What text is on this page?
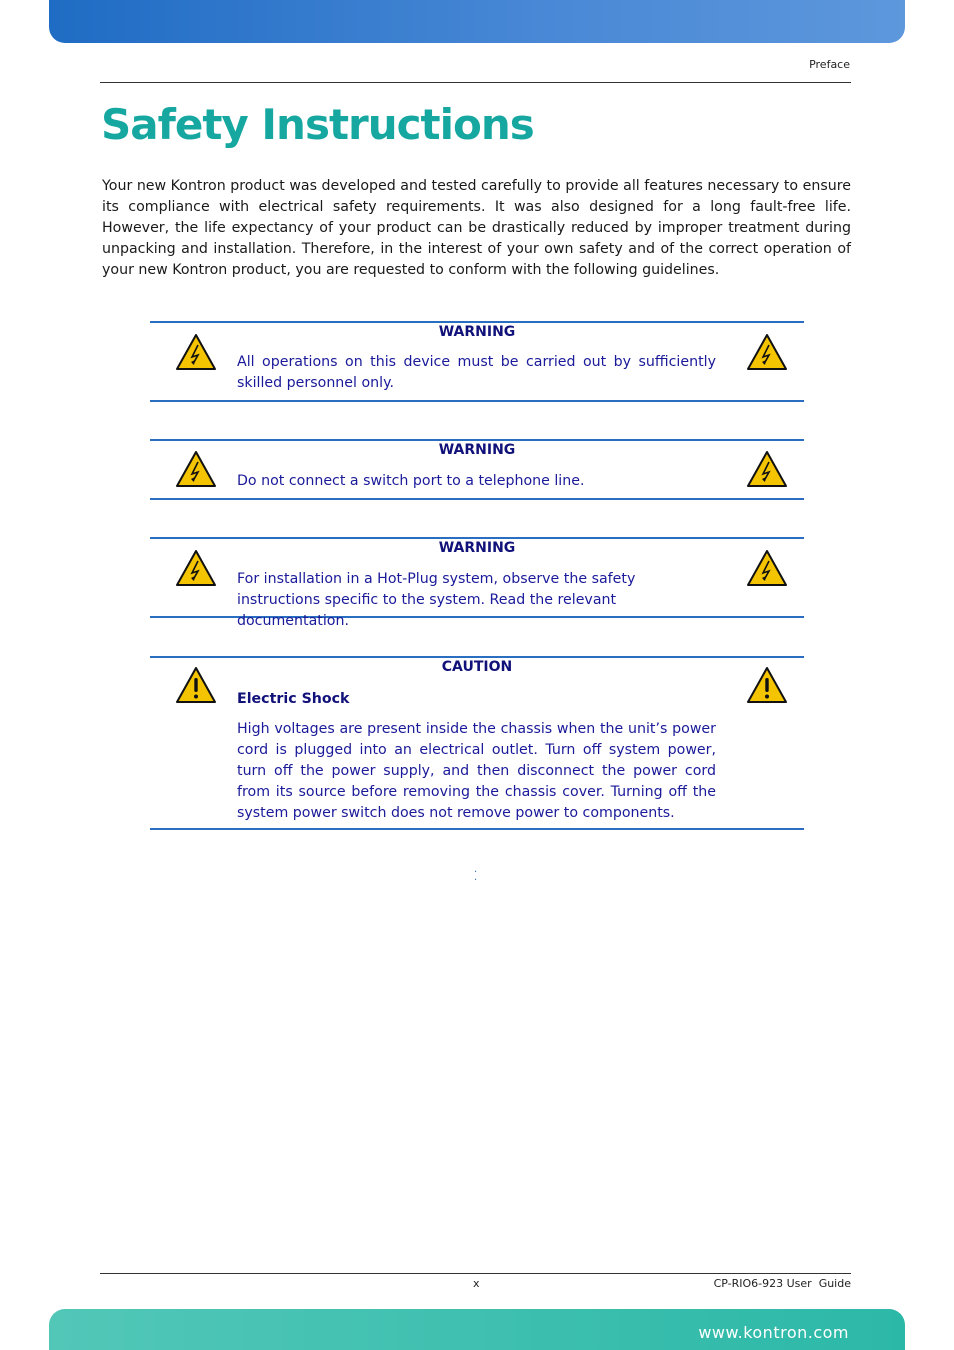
Preface
Safety Instructions

Your new Kontron product was developed and tested carefully to provide all features necessary to ensure its compliance with electrical safety requirements. It was also designed for a long fault-free life. However, the life expectancy of your product can be drastically reduced by improper treatment during unpacking and installation. Therefore, in the interest of your own safety and of the correct operation of your new Kontron product, you are requested to conform with the following guidelines.

WARNING
All operations on this device must be carried out by sufficiently skilled personnel only.
WARNING
Do not connect a switch port to a telephone line.
WARNING
For installation in a Hot-Plug system, observe the safety instructions specific to the system. Read the relevant documentation.
CAUTION
Electric Shock
High voltages are present inside the chassis when the unit’s power cord is plugged into an electrical outlet. Turn off system power, turn off the power supply, and then disconnect the power cord from its source before removing the chassis cover. Turning off the system power switch does not remove power to components.
.
.
x	CP-RIO6-923 User  Guide
www.kontron.com
